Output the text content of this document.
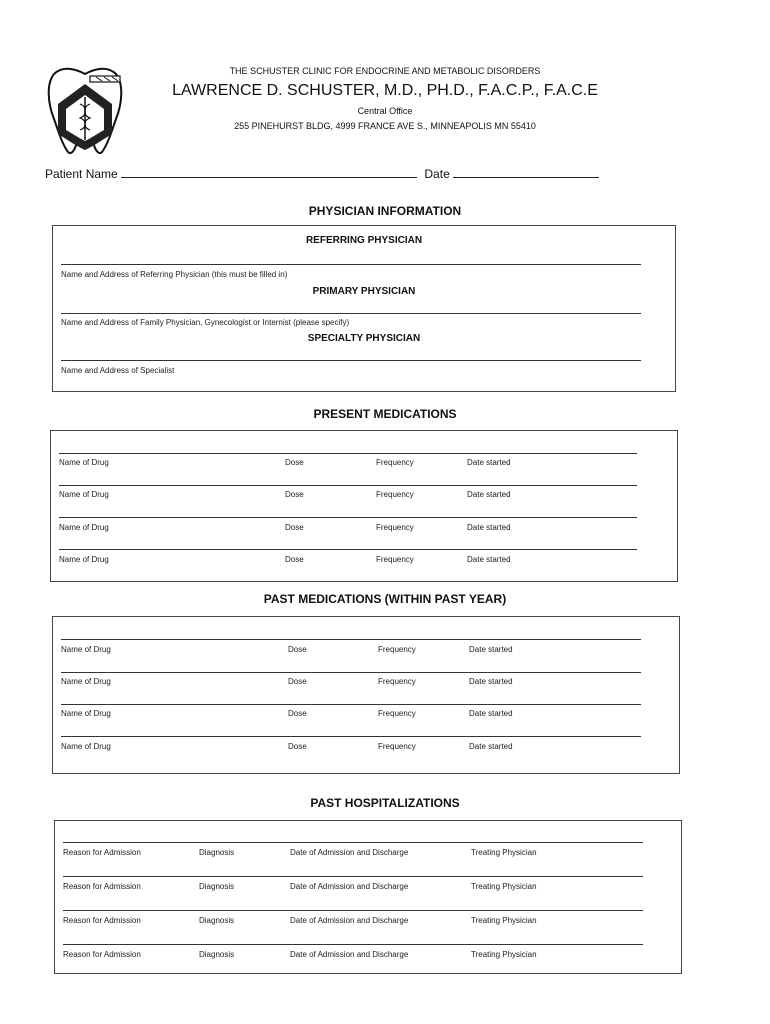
THE SCHUSTER CLINIC FOR ENDOCRINE AND METABOLIC DISORDERS
LAWRENCE D. SCHUSTER, M.D., PH.D., F.A.C.P., F.A.C.E
Central Office
255 PINEHURST BLDG, 4999 FRANCE AVE S., MINNEAPOLIS MN 55410
Patient Name	Date
PHYSICIAN INFORMATION
REFERRING PHYSICIAN
Name and Address of Referring Physician (this must be filled in)
PRIMARY PHYSICIAN
Name and Address of Family Physician, Gynecologist or Internist (please specify)
SPECIALTY PHYSICIAN
Name and Address of Specialist
PRESENT MEDICATIONS
Name of Drug	Dose	Frequency	Date started
Name of Drug	Dose	Frequency	Date started
Name of Drug	Dose	Frequency	Date started
Name of Drug	Dose	Frequency	Date started
PAST MEDICATIONS (WITHIN PAST YEAR)
Name of Drug	Dose	Frequency	Date started
Name of Drug	Dose	Frequency	Date started
Name of Drug	Dose	Frequency	Date started
Name of Drug	Dose	Frequency	Date started
PAST HOSPITALIZATIONS
Reason for Admission	Diagnosis	Date of Admission and Discharge	Treating Physician
Reason for Admission	Diagnosis	Date of Admission and Discharge	Treating Physician
Reason for Admission	Diagnosis	Date of Admission and Discharge	Treating Physician
Reason for Admission	Diagnosis	Date of Admission and Discharge	Treating Physician
